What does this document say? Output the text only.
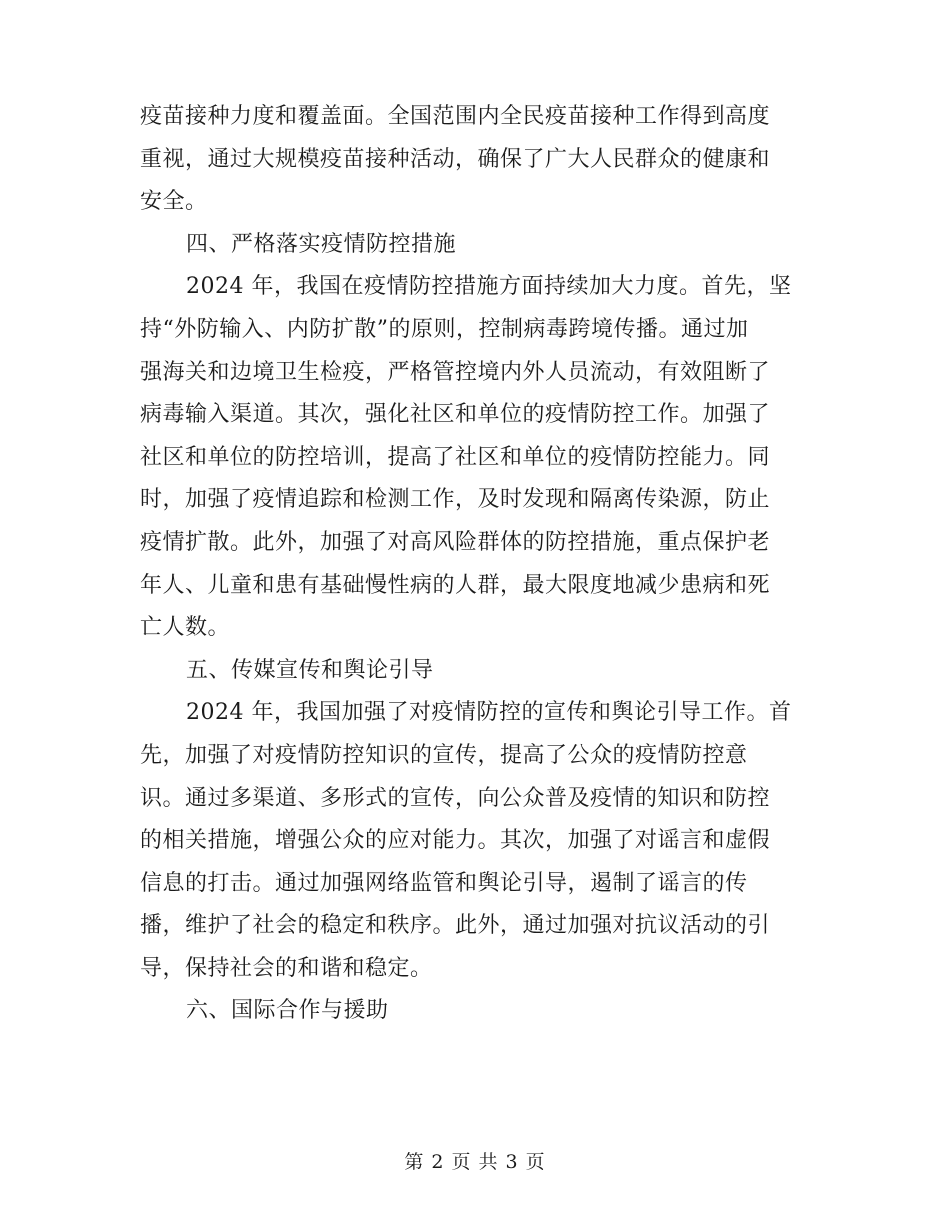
疫苗接种力度和覆盖面。全国范围内全民疫苗接种工作得到高度
重视，通过大规模疫苗接种活动，确保了广大人民群众的健康和
安全。
四、严格落实疫情防控措施
2024 年，我国在疫情防控措施方面持续加大力度。首先，坚
持“外防输入、内防扩散”的原则，控制病毒跨境传播。通过加
强海关和边境卫生检疫，严格管控境内外人员流动，有效阻断了
病毒输入渠道。其次，强化社区和单位的疫情防控工作。加强了
社区和单位的防控培训，提高了社区和单位的疫情防控能力。同
时，加强了疫情追踪和检测工作，及时发现和隔离传染源，防止
疫情扩散。此外，加强了对高风险群体的防控措施，重点保护老
年人、儿童和患有基础慢性病的人群，最大限度地减少患病和死
亡人数。
五、传媒宣传和舆论引导
2024 年，我国加强了对疫情防控的宣传和舆论引导工作。首
先，加强了对疫情防控知识的宣传，提高了公众的疫情防控意
识。通过多渠道、多形式的宣传，向公众普及疫情的知识和防控
的相关措施，增强公众的应对能力。其次，加强了对谣言和虚假
信息的打击。通过加强网络监管和舆论引导，遏制了谣言的传
播，维护了社会的稳定和秩序。此外，通过加强对抗议活动的引
导，保持社会的和谐和稳定。
六、国际合作与援助
第 2 页 共 3 页
